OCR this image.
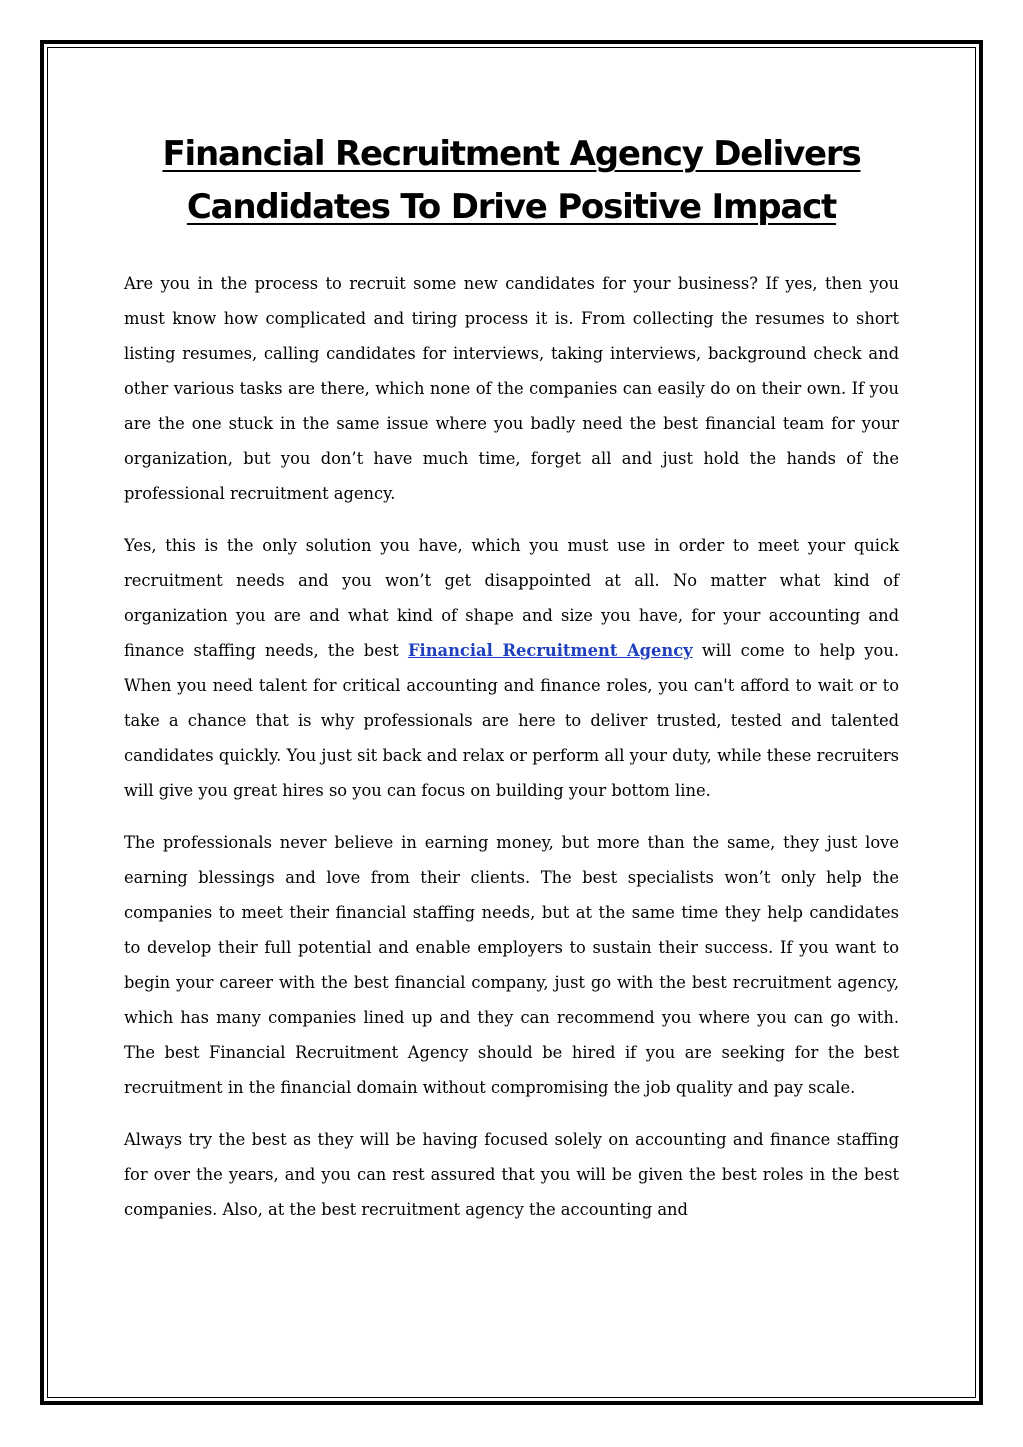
Financial Recruitment Agency Delivers
Candidates To Drive Positive Impact

Are you in the process to recruit some new candidates for your business? If yes, then you must know how complicated and tiring process it is. From collecting the resumes to short listing resumes, calling candidates for interviews, taking interviews, background check and other various tasks are there, which none of the companies can easily do on their own. If you are the one stuck in the same issue where you badly need the best financial team for your organization, but you don’t have much time, forget all and just hold the hands of the professional recruitment agency.

Yes, this is the only solution you have, which you must use in order to meet your quick recruitment needs and you won’t get disappointed at all. No matter what kind of organization you are and what kind of shape and size you have, for your accounting and finance staffing needs, the best Financial Recruitment Agency will come to help you. When you need talent for critical accounting and finance roles, you can't afford to wait or to take a chance that is why professionals are here to deliver trusted, tested and talented candidates quickly. You just sit back and relax or perform all your duty, while these recruiters will give you great hires so you can focus on building your bottom line.

The professionals never believe in earning money, but more than the same, they just love earning blessings and love from their clients. The best specialists won’t only help the companies to meet their financial staffing needs, but at the same time they help candidates to develop their full potential and enable employers to sustain their success. If you want to begin your career with the best financial company, just go with the best recruitment agency, which has many companies lined up and they can recommend you where you can go with. The best Financial Recruitment Agency should be hired if you are seeking for the best recruitment in the financial domain without compromising the job quality and pay scale.

Always try the best as they will be having focused solely on accounting and finance staffing for over the years, and you can rest assured that you will be given the best roles in the best companies. Also, at the best recruitment agency the accounting and
